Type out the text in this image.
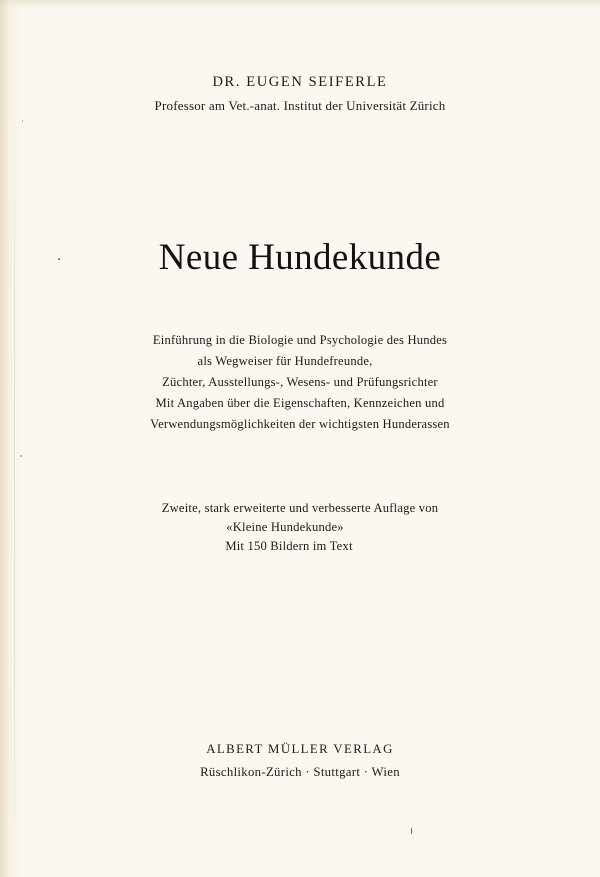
DR. EUGEN SEIFERLE
Professor am Vet.-anat. Institut der Universität Zürich
Neue Hundekunde
Einführung in die Biologie und Psychologie des Hundes
als Wegweiser für Hundefreunde,
Züchter, Ausstellungs-, Wesens- und Prüfungsrichter
Mit Angaben über die Eigenschaften, Kennzeichen und
Verwendungsmöglichkeiten der wichtigsten Hunderassen
Zweite, stark erweiterte und verbesserte Auflage von
«Kleine Hundekunde»
Mit 150 Bildern im Text
ALBERT MÜLLER VERLAG
Rüschlikon-Zürich · Stuttgart · Wien
